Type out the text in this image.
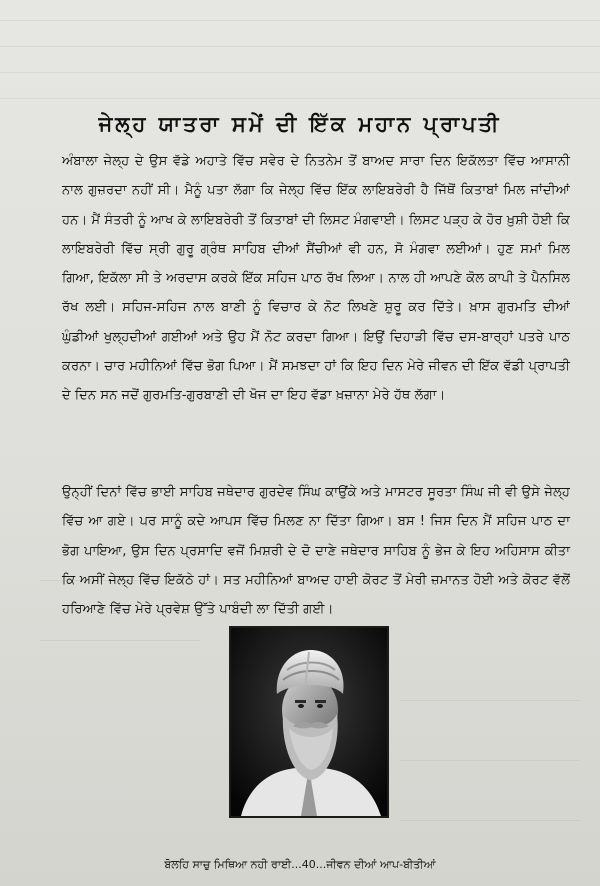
ਜੇਲ੍ਹ ਯਾਤਰਾ ਸਮੇਂ ਦੀ ਇੱਕ ਮਹਾਨ ਪ੍ਰਾਪਤੀ
ਅੰਬਾਲਾ ਜੇਲ੍ਹ ਦੇ ਉਸ ਵੱਡੇ ਅਹਾਤੇ ਵਿੱਚ ਸਵੇਰ ਦੇ ਨਿਤਨੇਮ ਤੋਂ ਬਾਅਦ ਸਾਰਾ ਦਿਨ ਇਕੱਲਤਾ ਵਿੱਚ ਆਸਾਨੀ ਨਾਲ ਗੁਜ਼ਰਦਾ ਨਹੀਂ ਸੀ। ਮੈਨੂੰ ਪਤਾ ਲੱਗਾ ਕਿ ਜੇਲ੍ਹ ਵਿੱਚ ਇੱਕ ਲਾਇਬਰੇਰੀ ਹੈ ਜਿੱਥੋਂ ਕਿਤਾਬਾਂ ਮਿਲ ਜਾਂਦੀਆਂ ਹਨ। ਮੈਂ ਸੰਤਰੀ ਨੂੰ ਆਖ ਕੇ ਲਾਇਬਰੇਰੀ ਤੋਂ ਕਿਤਾਬਾਂ ਦੀ ਲਿਸਟ ਮੰਗਵਾਈ। ਲਿਸਟ ਪੜ੍ਹ ਕੇ ਹੋਰ ਖ਼ੁਸ਼ੀ ਹੋਈ ਕਿ ਲਾਇਬਰੇਰੀ ਵਿੱਚ ਸ੍ਰੀ ਗੁਰੂ ਗ੍ਰੰਥ ਸਾਹਿਬ ਦੀਆਂ ਸੈਂਚੀਆਂ ਵੀ ਹਨ, ਸੋ ਮੰਗਵਾ ਲਈਆਂ। ਹੁਣ ਸਮਾਂ ਮਿਲ ਗਿਆ, ਇਕੱਲਾ ਸੀ ਤੇ ਅਰਦਾਸ ਕਰਕੇ ਇੱਕ ਸਹਿਜ ਪਾਠ ਰੱਖ ਲਿਆ। ਨਾਲ ਹੀ ਆਪਣੇ ਕੋਲ ਕਾਪੀ ਤੇ ਪੈਨਸਿਲ ਰੱਖ ਲਈ। ਸਹਿਜ-ਸਹਿਜ ਨਾਲ ਬਾਣੀ ਨੂੰ ਵਿਚਾਰ ਕੇ ਨੋਟ ਲਿਖਣੇ ਸ਼ੁਰੂ ਕਰ ਦਿੱਤੇ। ਖ਼ਾਸ ਗੁਰਮਤਿ ਦੀਆਂ ਘੁੰਡੀਆਂ ਖੁਲ੍ਹਦੀਆਂ ਗਈਆਂ ਅਤੇ ਉਹ ਮੈਂ ਨੋਟ ਕਰਦਾ ਗਿਆ। ਇਉਂ ਦਿਹਾੜੀ ਵਿੱਚ ਦਸ-ਬਾਰ੍ਹਾਂ ਪਤਰੇ ਪਾਠ ਕਰਨਾ। ਚਾਰ ਮਹੀਨਿਆਂ ਵਿੱਚ ਭੋਗ ਪਿਆ। ਮੈਂ ਸਮਝਦਾ ਹਾਂ ਕਿ ਇਹ ਦਿਨ ਮੇਰੇ ਜੀਵਨ ਦੀ ਇੱਕ ਵੱਡੀ ਪ੍ਰਾਪਤੀ ਦੇ ਦਿਨ ਸਨ ਜਦੋਂ ਗੁਰਮਤਿ-ਗੁਰਬਾਣੀ ਦੀ ਖੋਜ ਦਾ ਇਹ ਵੱਡਾ ਖ਼ਜ਼ਾਨਾ ਮੇਰੇ ਹੱਥ ਲੱਗਾ।
ਉਨ੍ਹੀਂ ਦਿਨਾਂ ਵਿੱਚ ਭਾਈ ਸਾਹਿਬ ਜਥੇਦਾਰ ਗੁਰਦੇਵ ਸਿੰਘ ਕਾਉਂਕੇ ਅਤੇ ਮਾਸਟਰ ਸੂਰਤਾ ਸਿੰਘ ਜੀ ਵੀ ਉਸੇ ਜੇਲ੍ਹ ਵਿੱਚ ਆ ਗਏ। ਪਰ ਸਾਨੂੰ ਕਦੇ ਆਪਸ ਵਿੱਚ ਮਿਲਣ ਨਾ ਦਿੱਤਾ ਗਿਆ। ਬਸ ! ਜਿਸ ਦਿਨ ਮੈਂ ਸਹਿਜ ਪਾਠ ਦਾ ਭੋਗ ਪਾਇਆ, ਉਸ ਦਿਨ ਪ੍ਰਸਾਦਿ ਵਜੋਂ ਮਿਸ਼ਰੀ ਦੇ ਦੋ ਦਾਣੇ ਜਥੇਦਾਰ ਸਾਹਿਬ ਨੂੰ ਭੇਜ ਕੇ ਇਹ ਅਹਿਸਾਸ ਕੀਤਾ ਕਿ ਅਸੀਂ ਜੇਲ੍ਹ ਵਿੱਚ ਇਕੱਠੇ ਹਾਂ। ਸਤ ਮਹੀਨਿਆਂ ਬਾਅਦ ਹਾਈ ਕੋਰਟ ਤੋਂ ਮੇਰੀ ਜ਼ਮਾਨਤ ਹੋਈ ਅਤੇ ਕੋਰਟ ਵੱਲੋਂ ਹਰਿਆਣੇ ਵਿੱਚ ਮੇਰੇ ਪ੍ਰਵੇਸ਼ ਉੱਤੇ ਪਾਬੰਦੀ ਲਾ ਦਿੱਤੀ ਗਈ।
ਬੋਲਹਿ ਸਾਚੁ ਮਿਥਿਆ ਨਹੀ ਰਾਈ...40...ਜੀਵਨ ਦੀਆਂ ਆਪ-ਬੀਤੀਆਂ
